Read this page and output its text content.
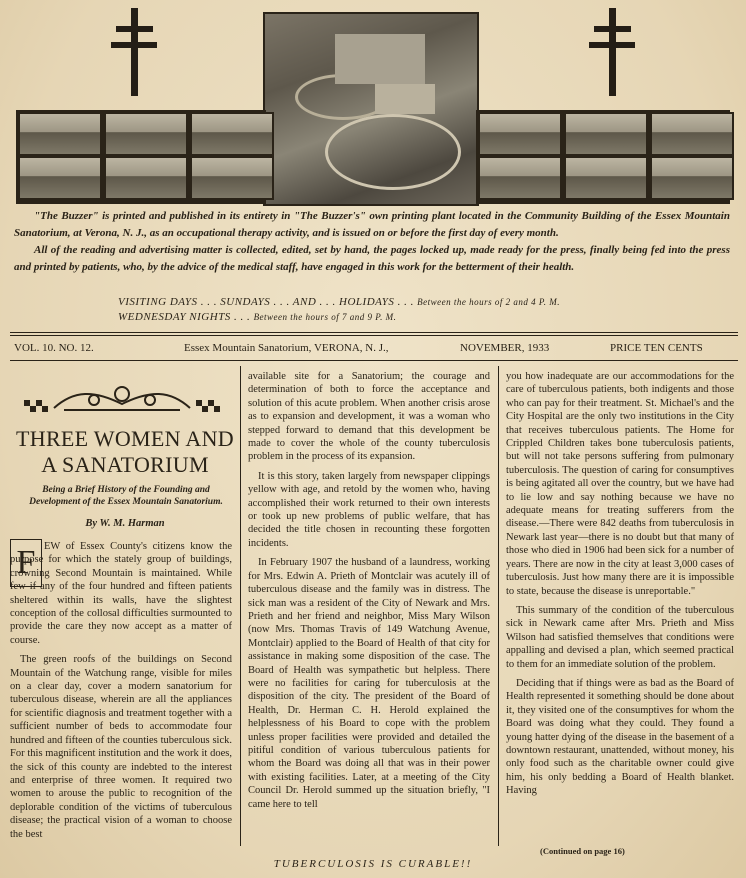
"The Buzzer" is printed and published in its entirety in "The Buzzer's" own printing plant located in the Community Building of the Essex Mountain Sanatorium, at Verona, N. J., as an occupational therapy activity, and is issued on or before the first day of every month.

All of the reading and advertising matter is collected, edited, set by hand, the pages locked up, made ready for the press, finally being fed into the press and printed by patients, who, by the advice of the medical staff, have engaged in this work for the betterment of their health.

VISITING DAYS . . . SUNDAYS . . . AND . . . HOLIDAYS . . . Between the hours of 2 and 4 P. M.
WEDNESDAY NIGHTS . . . Between the hours of 7 and 9 P. M.
VOL. 10. NO. 12.	Essex Mountain Sanatorium, VERONA, N. J.,	NOVEMBER, 1933	PRICE TEN CENTS
THREE WOMEN AND A SANATORIUM
Being a Brief History of the Founding and Development of the Essex Mountain Sanatorium.
By W. M. Harman
F EW of Essex County's citizens know the purpose for which the stately group of buildings, crowning Second Mountain is maintained. While few if any of the four hundred and fifteen patients sheltered within its walls, have the slightest conception of the collosal difficulties surmounted to provide the care they now accept as a matter of course.

The green roofs of the buildings on Second Mountain of the Watchung range, visible for miles on a clear day, cover a modern sanatorium for tuberculous disease, wherein are all the appliances for scientific diagnosis and treatment together with a sufficient number of beds to accommodate four hundred and fifteen of the counties tuberculous sick. For this magnificent institution and the work it does, the sick of this county are indebted to the interest and enterprise of three women. It required two women to arouse the public to recognition of the deplorable condition of the victims of tuberculous disease; the practical vision of a woman to choose the best

available site for a Sanatorium; the courage and determination of both to force the acceptance and solution of this acute problem. When another crisis arose as to expansion and development, it was a woman who stepped forward to demand that this development be made to cover the whole of the county tuberculosis problem in the process of its expansion.

It is this story, taken largely from newspaper clippings yellow with age, and retold by the women who, having accomplished their work returned to their own interests or took up new problems of public welfare, that has decided the title chosen in recounting these forgotten incidents.

In February 1907 the husband of a laundress, working for Mrs. Edwin A. Prieth of Montclair was acutely ill of tuberculous disease and the family was in distress. The sick man was a resident of the City of Newark and Mrs. Prieth and her friend and neighbor, Miss Mary Wilson (now Mrs. Thomas Travis of 149 Watchung Avenue, Montclair) applied to the Board of Health of that city for assistance in making some disposition of the case. The Board of Health was sympathetic but helpless. There were no facilities for caring for tuberculosis at the disposition of the city. The president of the Board of Health, Dr. Herman C. H. Herold explained the helplessness of his Board to cope with the problem unless proper facilities were provided and detailed the pitiful condition of various tuberculous patients for whom the Board was doing all that was in their power with existing facilities. Later, at a meeting of the City Council Dr. Herold summed up the situation briefly, "I came here to tell

you how inadequate are our accommodations for the care of tuberculous patients, both indigents and those who can pay for their treatment. St. Michael's and the City Hospital are the only two institutions in the City that receives tuberculous patients. The Home for Crippled Children takes bone tuberculosis patients, but will not take persons suffering from pulmonary tuberculosis. The question of caring for consumptives is being agitated all over the country, but we have had to lie low and say nothing because we have no adequate means for treating sufferers from the disease.—There were 842 deaths from tuberculosis in Newark last year—there is no doubt but that many of those who died in 1906 had been sick for a number of years. There are now in the city at least 3,000 cases of tuberculosis. Just how many there are it is impossible to state, because the disease is unreportable."

This summary of the condition of the tuberculous sick in Newark came after Mrs. Prieth and Miss Wilson had satisfied themselves that conditions were appalling and devised a plan, which seemed practical to them for an immediate solution of the problem.

Deciding that if things were as bad as the Board of Health represented it something should be done about it, they visited one of the consumptives for whom the Board was doing what they could. They found a young hatter dying of the disease in the basement of a downtown restaurant, unattended, without money, his only food such as the charitable owner could give him, his only bedding a Board of Health blanket. Having

(Continued on page 16)
TUBERCULOSIS IS CURABLE!!
